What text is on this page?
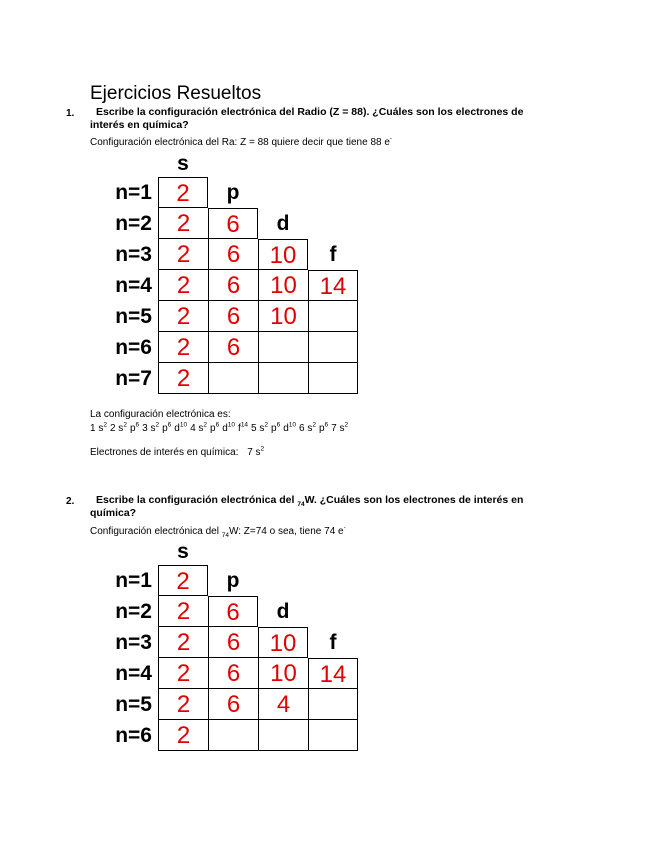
Ejercicios Resueltos
1.	Escribe la configuración electrónica del Radio (Z = 88). ¿Cuáles son los electrones de
interés en química?
Configuración electrónica del Ra: Z = 88 quiere decir que tiene 88 e-
s
p
d
f
n=1	2
n=2	2	6
n=3	2	6	10
n=4	2	6	10 14
n=5	2	6	10
n=6	2	6
n=7	2
La configuración electrónica es:
1 $s^2$ 2 $s^2$ $p^6$ 3 $s^2$ $p^6$ $d^{10}$ 4 $s^2$ $p^6$ $d^{10}$ $f^{14}$ 5 $s^2$ $p^6$ $d^{10}$ 6 $s^2$ $p^6$ 7 $s^2$
Electrones de interés en química: 7 $s^2$
2.	Escribe la configuración electrónica del $_{74}$W. ¿Cuáles son los electrones de interés en
química?
Configuración electrónica del $_{74}$W: Z=74 o sea, tiene 74 e-
s
p
d
f
n=1	2
n=2	2	6
n=3	2	6	10
n=4	2	6	10 14
n=5	2	6	4
n=6	2
